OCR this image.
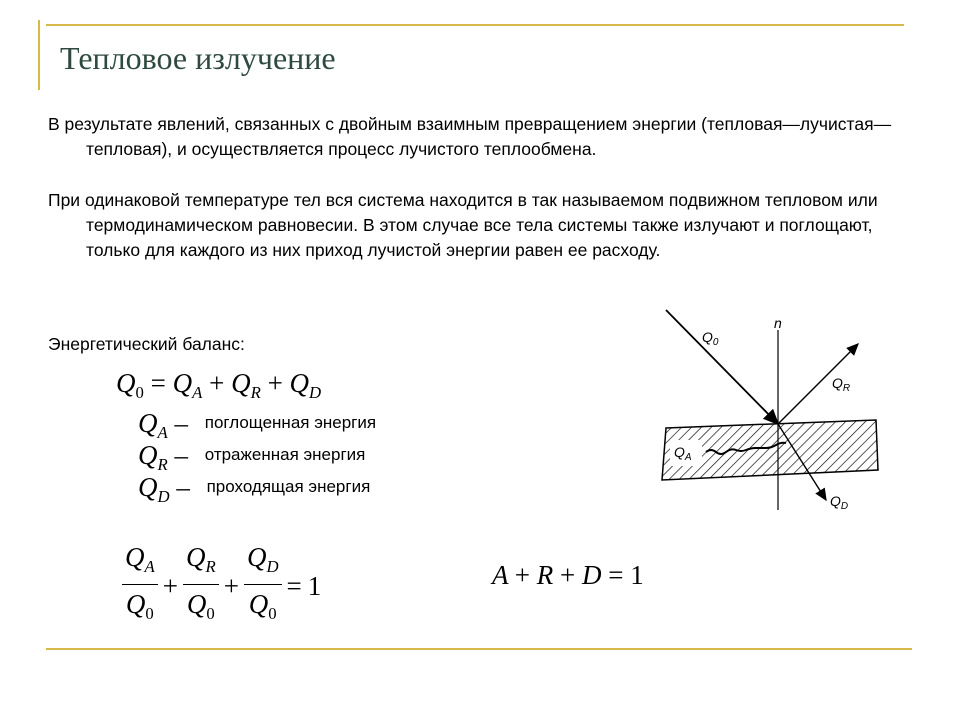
Тепловое излучение
В результате явлений, связанных с двойным взаимным превращением энергии (тепловая—лучистая—тепловая), и осуществляется процесс лучистого теплообмена.
При одинаковой температуре тел вся система находится в так называемом подвижном тепловом или термодинамическом равновесии. В этом случае все тела системы также излучают и поглощают, только для каждого из них приход лучистой энергии равен ее расходу.
Энергетический баланс:
$Q_0 = Q_A + Q_R + Q_D$
$Q_A$ – поглощенная энергия
$Q_R$ – отраженная энергия
$Q_D$ – проходящая энергия
$\frac{Q_A}{Q_0} + \frac{Q_R}{Q_0} + \frac{Q_D}{Q_0} = 1$	A + R + D = 1
n
$Q_0$
$Q_R$
$Q_A$
$Q_D$
